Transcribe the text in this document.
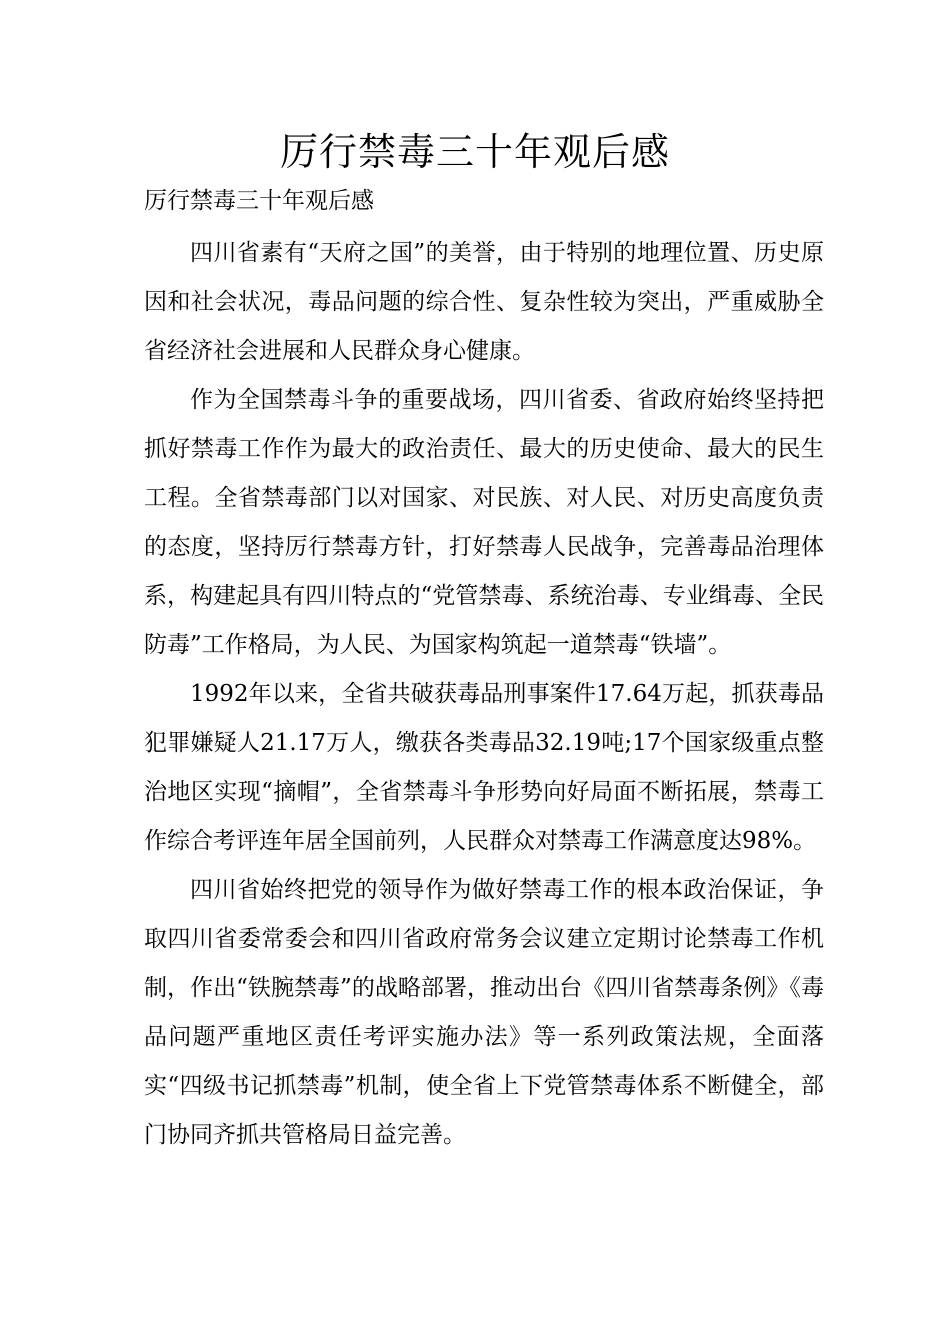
厉行禁毒三十年观后感

厉行禁毒三十年观后感

四川省素有“天府之国”的美誉，由于特别的地理位置、历史原因和社会状况，毒品问题的综合性、复杂性较为突出，严重威胁全省经济社会进展和人民群众身心健康。

作为全国禁毒斗争的重要战场，四川省委、省政府始终坚持把抓好禁毒工作作为最大的政治责任、最大的历史使命、最大的民生工程。全省禁毒部门以对国家、对民族、对人民、对历史高度负责的态度，坚持厉行禁毒方针，打好禁毒人民战争，完善毒品治理体系，构建起具有四川特点的“党管禁毒、系统治毒、专业缉毒、全民防毒”工作格局，为人民、为国家构筑起一道禁毒“铁墙”。

1992年以来，全省共破获毒品刑事案件17.64万起，抓获毒品犯罪嫌疑人21.17万人，缴获各类毒品32.19吨;17个国家级重点整治地区实现“摘帽”，全省禁毒斗争形势向好局面不断拓展，禁毒工作综合考评连年居全国前列，人民群众对禁毒工作满意度达98%。

四川省始终把党的领导作为做好禁毒工作的根本政治保证，争取四川省委常委会和四川省政府常务会议建立定期讨论禁毒工作机制，作出“铁腕禁毒”的战略部署，推动出台《四川省禁毒条例》《毒品问题严重地区责任考评实施办法》等一系列政策法规，全面落实“四级书记抓禁毒”机制，使全省上下党管禁毒体系不断健全，部门协同齐抓共管格局日益完善。
